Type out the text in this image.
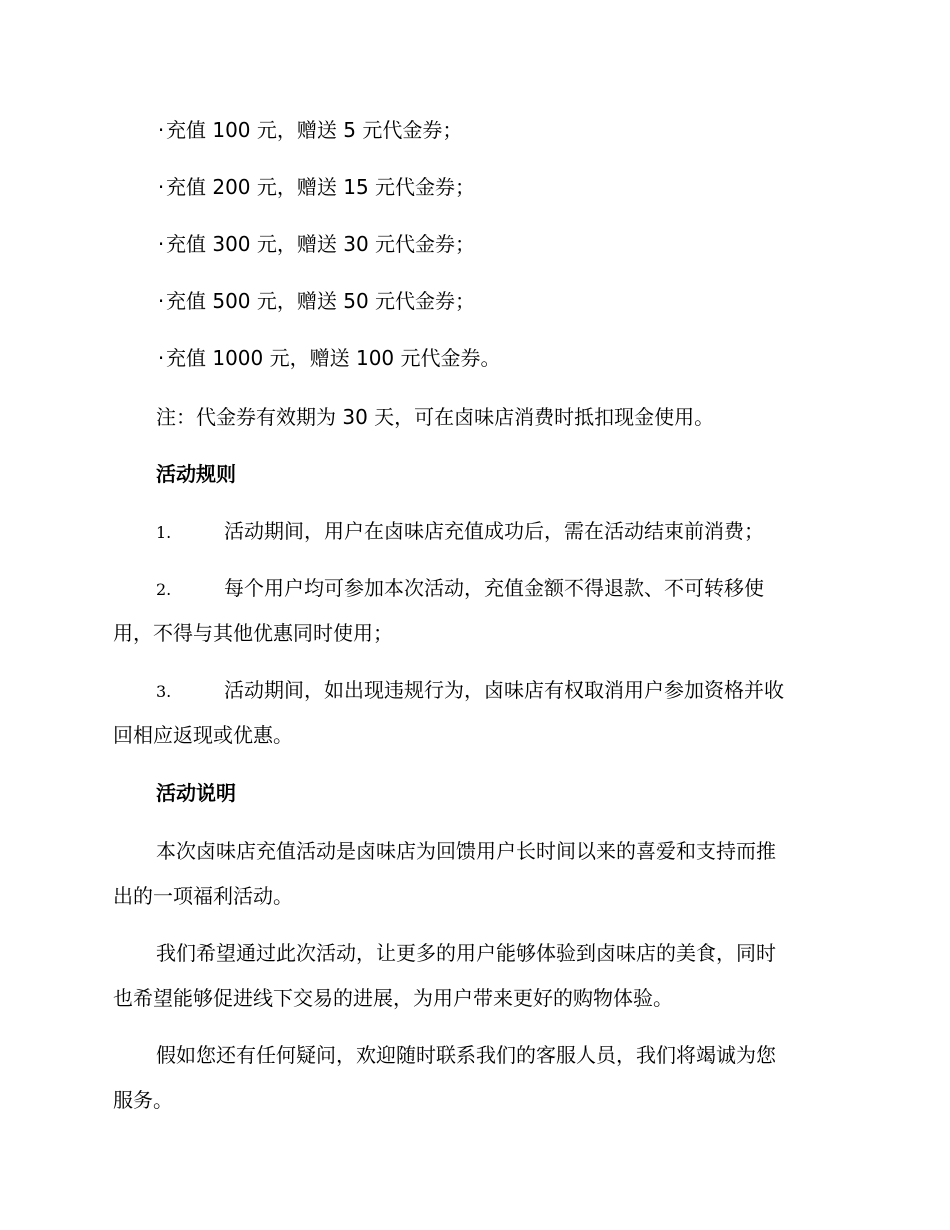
·充值 100 元，赠送 5 元代金券；
·充值 200 元，赠送 15 元代金券；
·充值 300 元，赠送 30 元代金券；
·充值 500 元，赠送 50 元代金券；
·充值 1000 元，赠送 100 元代金券。
注：代金券有效期为 30 天，可在卤味店消费时抵扣现金使用。
活动规则
1.	活动期间，用户在卤味店充值成功后，需在活动结束前消费；
2.	每个用户均可参加本次活动，充值金额不得退款、不可转移使
用，不得与其他优惠同时使用；
3.	活动期间，如出现违规行为，卤味店有权取消用户参加资格并收
回相应返现或优惠。
活动说明
本次卤味店充值活动是卤味店为回馈用户长时间以来的喜爱和支持而推
出的一项福利活动。
我们希望通过此次活动，让更多的用户能够体验到卤味店的美食，同时
也希望能够促进线下交易的进展，为用户带来更好的购物体验。
假如您还有任何疑问，欢迎随时联系我们的客服人员，我们将竭诚为您
服务。
